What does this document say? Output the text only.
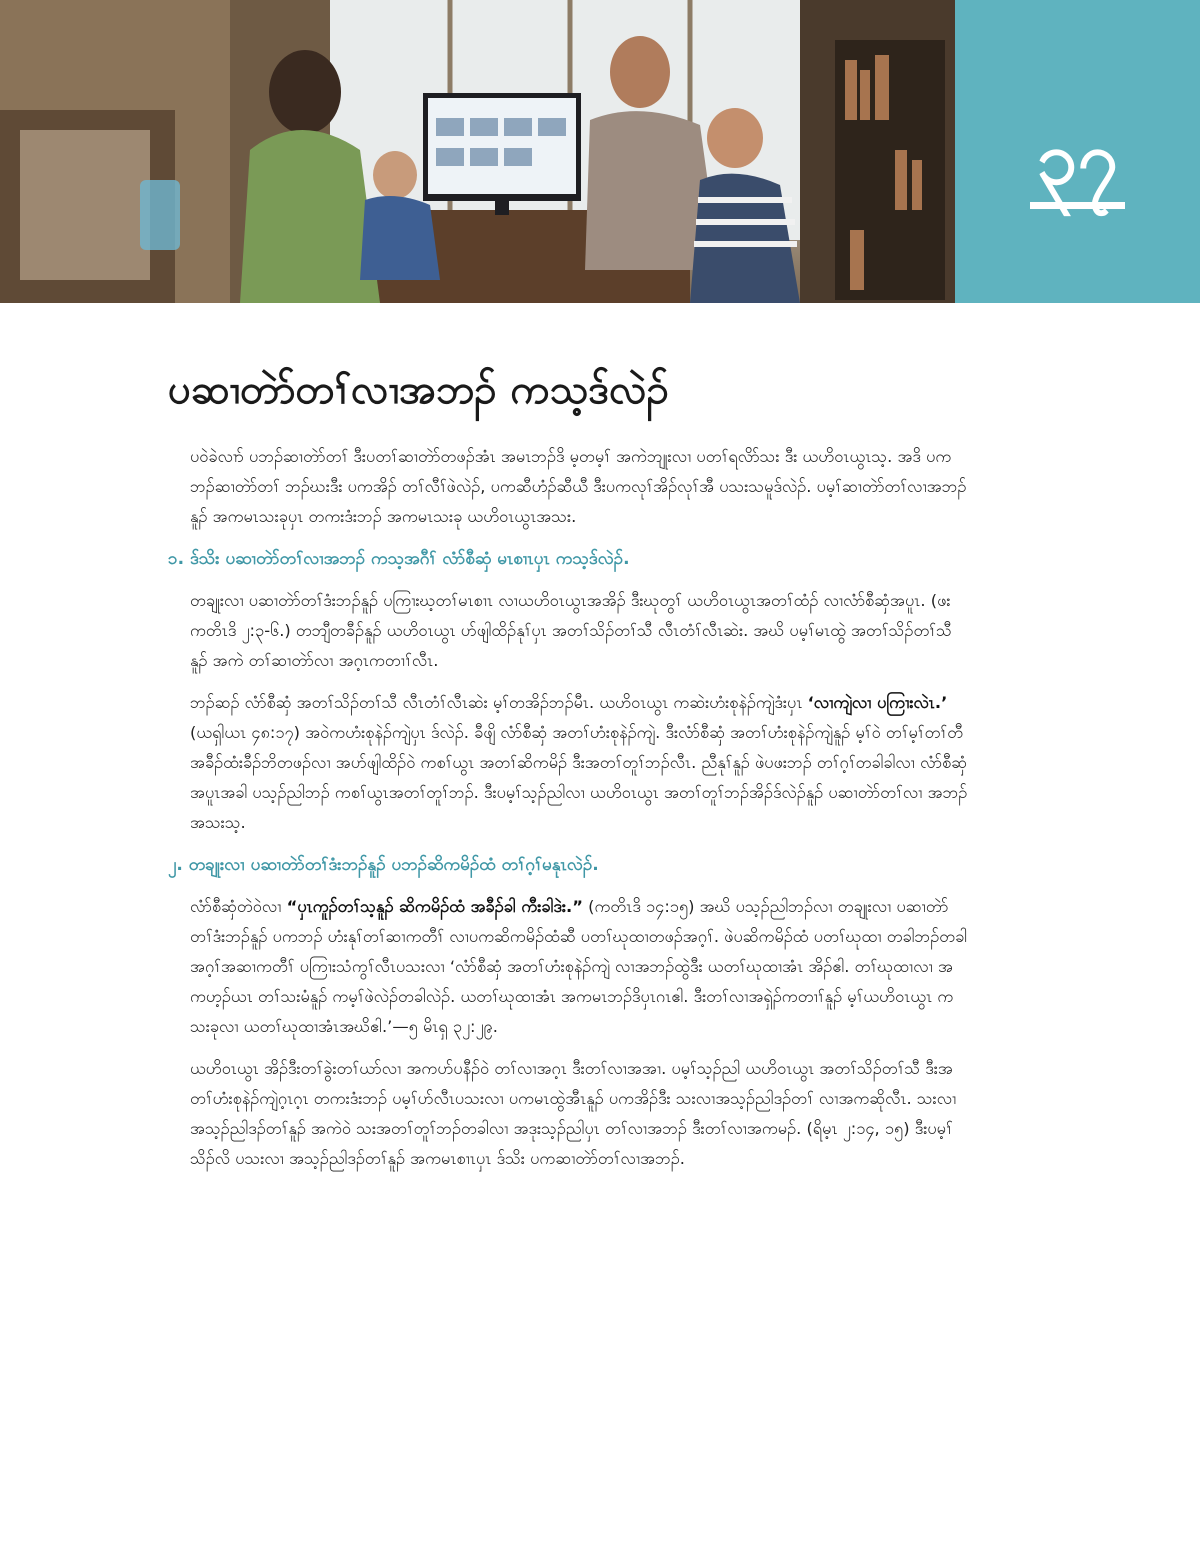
၃၇
ပဆၢတဲာ်တၢ်လၢအဘၣ် ကသ့ဒ်လဲၣ်

ပဝဲခဲလၢာ် ပဘၣ်ဆၢတဲာ်တၢ် ဒီးပတၢ်ဆၢတဲာ်တဖၣ်အံၤ အမၤဘၣ်ဒိ မ့တမ့ၢ် အကဲဘျုးလၢ ပတၢ်ရလိာ်သး ဒီး ယဟိဝၤယွၤသ့. အဒိ ပကဘၣ်ဆၢတဲာ်တၢ် ဘၣ်ဃးဒီး ပကအိၣ် တၢ်လီၢ်ဖဲလဲၣ်, ပကဆီဟံၣ်ဆီယီ ဒီးပကလုၢ်အိၣ်လုၢ်အီ ပသးသမူဒ်လဲၣ်. ပမ့ၢ်ဆၢတဲာ်တၢ်လၢအဘၣ်နူၣ် အကမၤသးခုပှၤ တကးဒံးဘၣ် အကမၤသးခု ယဟိဝၤယွၤအသး.

၁. ဒ်သိး ပဆၢတဲာ်တၢ်လၢအဘၣ် ကသ့အဂီၢ် လံာ်စီဆှံ မၤစၢၤပှၤ ကသ့ဒ်လဲၣ်.

တချုးလၢ ပဆၢတဲာ်တၢ်ဒံးဘၣ်နူၣ် ပကြၢးဃ့တၢ်မၤစၢၤ လၢယဟိဝၤယွၤအအိၣ် ဒီးဃုတွၢ် ယဟိဝၤယွၤအတၢ်ထံၣ် လၢလံာ်စီဆှံအပူၤ. (ဖး ကတိၤဒိ ၂:၃-၆.) တဘျီတခီၣ်နူၣ် ယဟိဝၤယွၤ ပာ်ဖျါထိၣ်နုၢ်ပှၤ အတၢ်သိၣ်တၢ်သီ လီၤတံၢ်လီၤဆဲး. အဃိ ပမ့ၢ်မၤထွဲ အတၢ်သိၣ်တၢ်သီနူၣ် အကဲ တၢ်ဆၢတဲာ်လၢ အဂ့ၤကတၢၢ်လီၤ.

ဘၣ်ဆၣ် လံာ်စီဆှံ အတၢ်သိၣ်တၢ်သီ လီၤတံၢ်လီၤဆဲး မ့ၢ်တအိၣ်ဘၣ်မီၤ. ယဟိဝၤယွၤ ကဆဲးဟံးစုနဲၣ်ကျဲဒံးပှၤ ‘လၢကျဲလၢ ပကြၢးလဲၤ.’ (ယရှါယၤ ၄၈:၁၇) အဝဲကဟံးစုနဲၣ်ကျဲပှၤ ဒ်လဲၣ်. ခီဖျိ လံာ်စီဆှံ အတၢ်ဟံးစုနဲၣ်ကျဲ. ဒီးလံာ်စီဆှံ အတၢ်ဟံးစုနဲၣ်ကျဲနူၣ် မ့ၢ်ဝဲ တၢ်မ့ၢ်တၢ်တီ အခီၣ်ထံးခီၣ်ဘိတဖၣ်လၢ အပာ်ဖျါထိၣ်ဝဲ ကစၢ်ယွၤ အတၢ်ဆိကမိၣ် ဒီးအတၢ်တူၢ်ဘၣ်လီၤ. ညီနုၢ်နူၣ် ဖဲပဖးဘၣ် တၢ်ဂ့ၢ်တခါခါလၢ လံာ်စီဆှံအပူၤအခါ ပသ့ၣ်ညါဘၣ် ကစၢ်ယွၤအတၢ်တူၢ်ဘၣ်. ဒီးပမ့ၢ်သ့ၣ်ညါလၢ ယဟိဝၤယွၤ အတၢ်တူၢ်ဘၣ်အိၣ်ဒ်လဲၣ်နူၣ် ပဆၢတဲာ်တၢ်လၢ အဘၣ်အသးသ့.

၂. တချုးလၢ ပဆၢတဲာ်တၢ်ဒံးဘၣ်နူၣ် ပဘၣ်ဆိကမိၣ်ထံ တၢ်ဂ့ၢ်မနုၤလဲၣ်.

လံာ်စီဆှံတဲဝဲလၢ “ပှၤကူၣ်တၢ်သ့နူၣ် ဆိကမိၣ်ထံ အခီၣ်ခါ ကီးခါဒဲး.” (ကတိၤဒိ ၁၄:၁၅) အဃိ ပသ့ၣ်ညါဘၣ်လၢ တချုးလၢ ပဆၢတဲာ်တၢ်ဒံးဘၣ်နူၣ် ပကဘၣ် ဟံးနုၢ်တၢ်ဆၢကတီၢ် လၢပကဆိကမိၣ်ထံဆီ ပတၢ်ဃုထၢတဖၣ်အဂ့ၢ်. ဖဲပဆိကမိၣ်ထံ ပတၢ်ဃုထၢ တခါဘၣ်တခါ အဂ့ၢ်အဆၢကတီၢ် ပကြၢးသံကွၢ်လီၤပသးလၢ ‘လံာ်စီဆှံ အတၢ်ဟံးစုနဲၣ်ကျဲ လၢအဘၣ်ထွဲဒီး ယတၢ်ဃုထၢအံၤ အိၣ်ဧါ. တၢ်ဃုထၢလၢ အကဟ့ၣ်ယၤ တၢ်သးမံနူၣ် ကမ့ၢ်ဖဲလဲၣ်တခါလဲၣ်. ယတၢ်ဃုထၢအံၤ အကမၤဘၣ်ဒိပှၤဂၤဧါ. ဒီးတၢ်လၢအရှဲၣ်ကတၢၢ်နူၣ် မ့ၢ်ယဟိဝၤယွၤ ကသးခုလၢ ယတၢ်ဃုထၢအံၤအဃိဧါ.’—၅ မိၤရှ ၃၂:၂၉.

ယဟိဝၤယွၤ အိၣ်ဒီးတၢ်ခွဲးတၢ်ယာ်လၢ အကပာ်ပနီၣ်ဝဲ တၢ်လၢအဂ့ၤ ဒီးတၢ်လၢအအၢ. ပမ့ၢ်သ့ၣ်ညါ ယဟိဝၤယွၤ အတၢ်သိၣ်တၢ်သီ ဒီးအတၢ်ဟံးစုနဲၣ်ကျဲဂ့ၤဂ့ၤ တကးဒံးဘၣ် ပမ့ၢ်ပာ်လီၤပသးလၢ ပကမၤထွဲအီၤနူၣ် ပကအိၣ်ဒီး သးလၢအသ့ၣ်ညါဒၣ်တၢ် လၢအကဆိုလီၤ. သးလၢအသ့ၣ်ညါဒၣ်တၢ်နူၣ် အကဲဝဲ သးအတၢ်တူၢ်ဘၣ်တခါလၢ အဒုးသ့ၣ်ညါပှၤ တၢ်လၢအဘၣ် ဒီးတၢ်လၢအကမၣ်. (ရိမ့ၤ ၂:၁၄, ၁၅) ဒီးပမ့ၢ် သိၣ်လိ ပသးလၢ အသ့ၣ်ညါဒၣ်တၢ်နူၣ် အကမၤစၢၤပှၤ ဒ်သိး ပကဆၢတဲာ်တၢ်လၢအဘၣ်.
